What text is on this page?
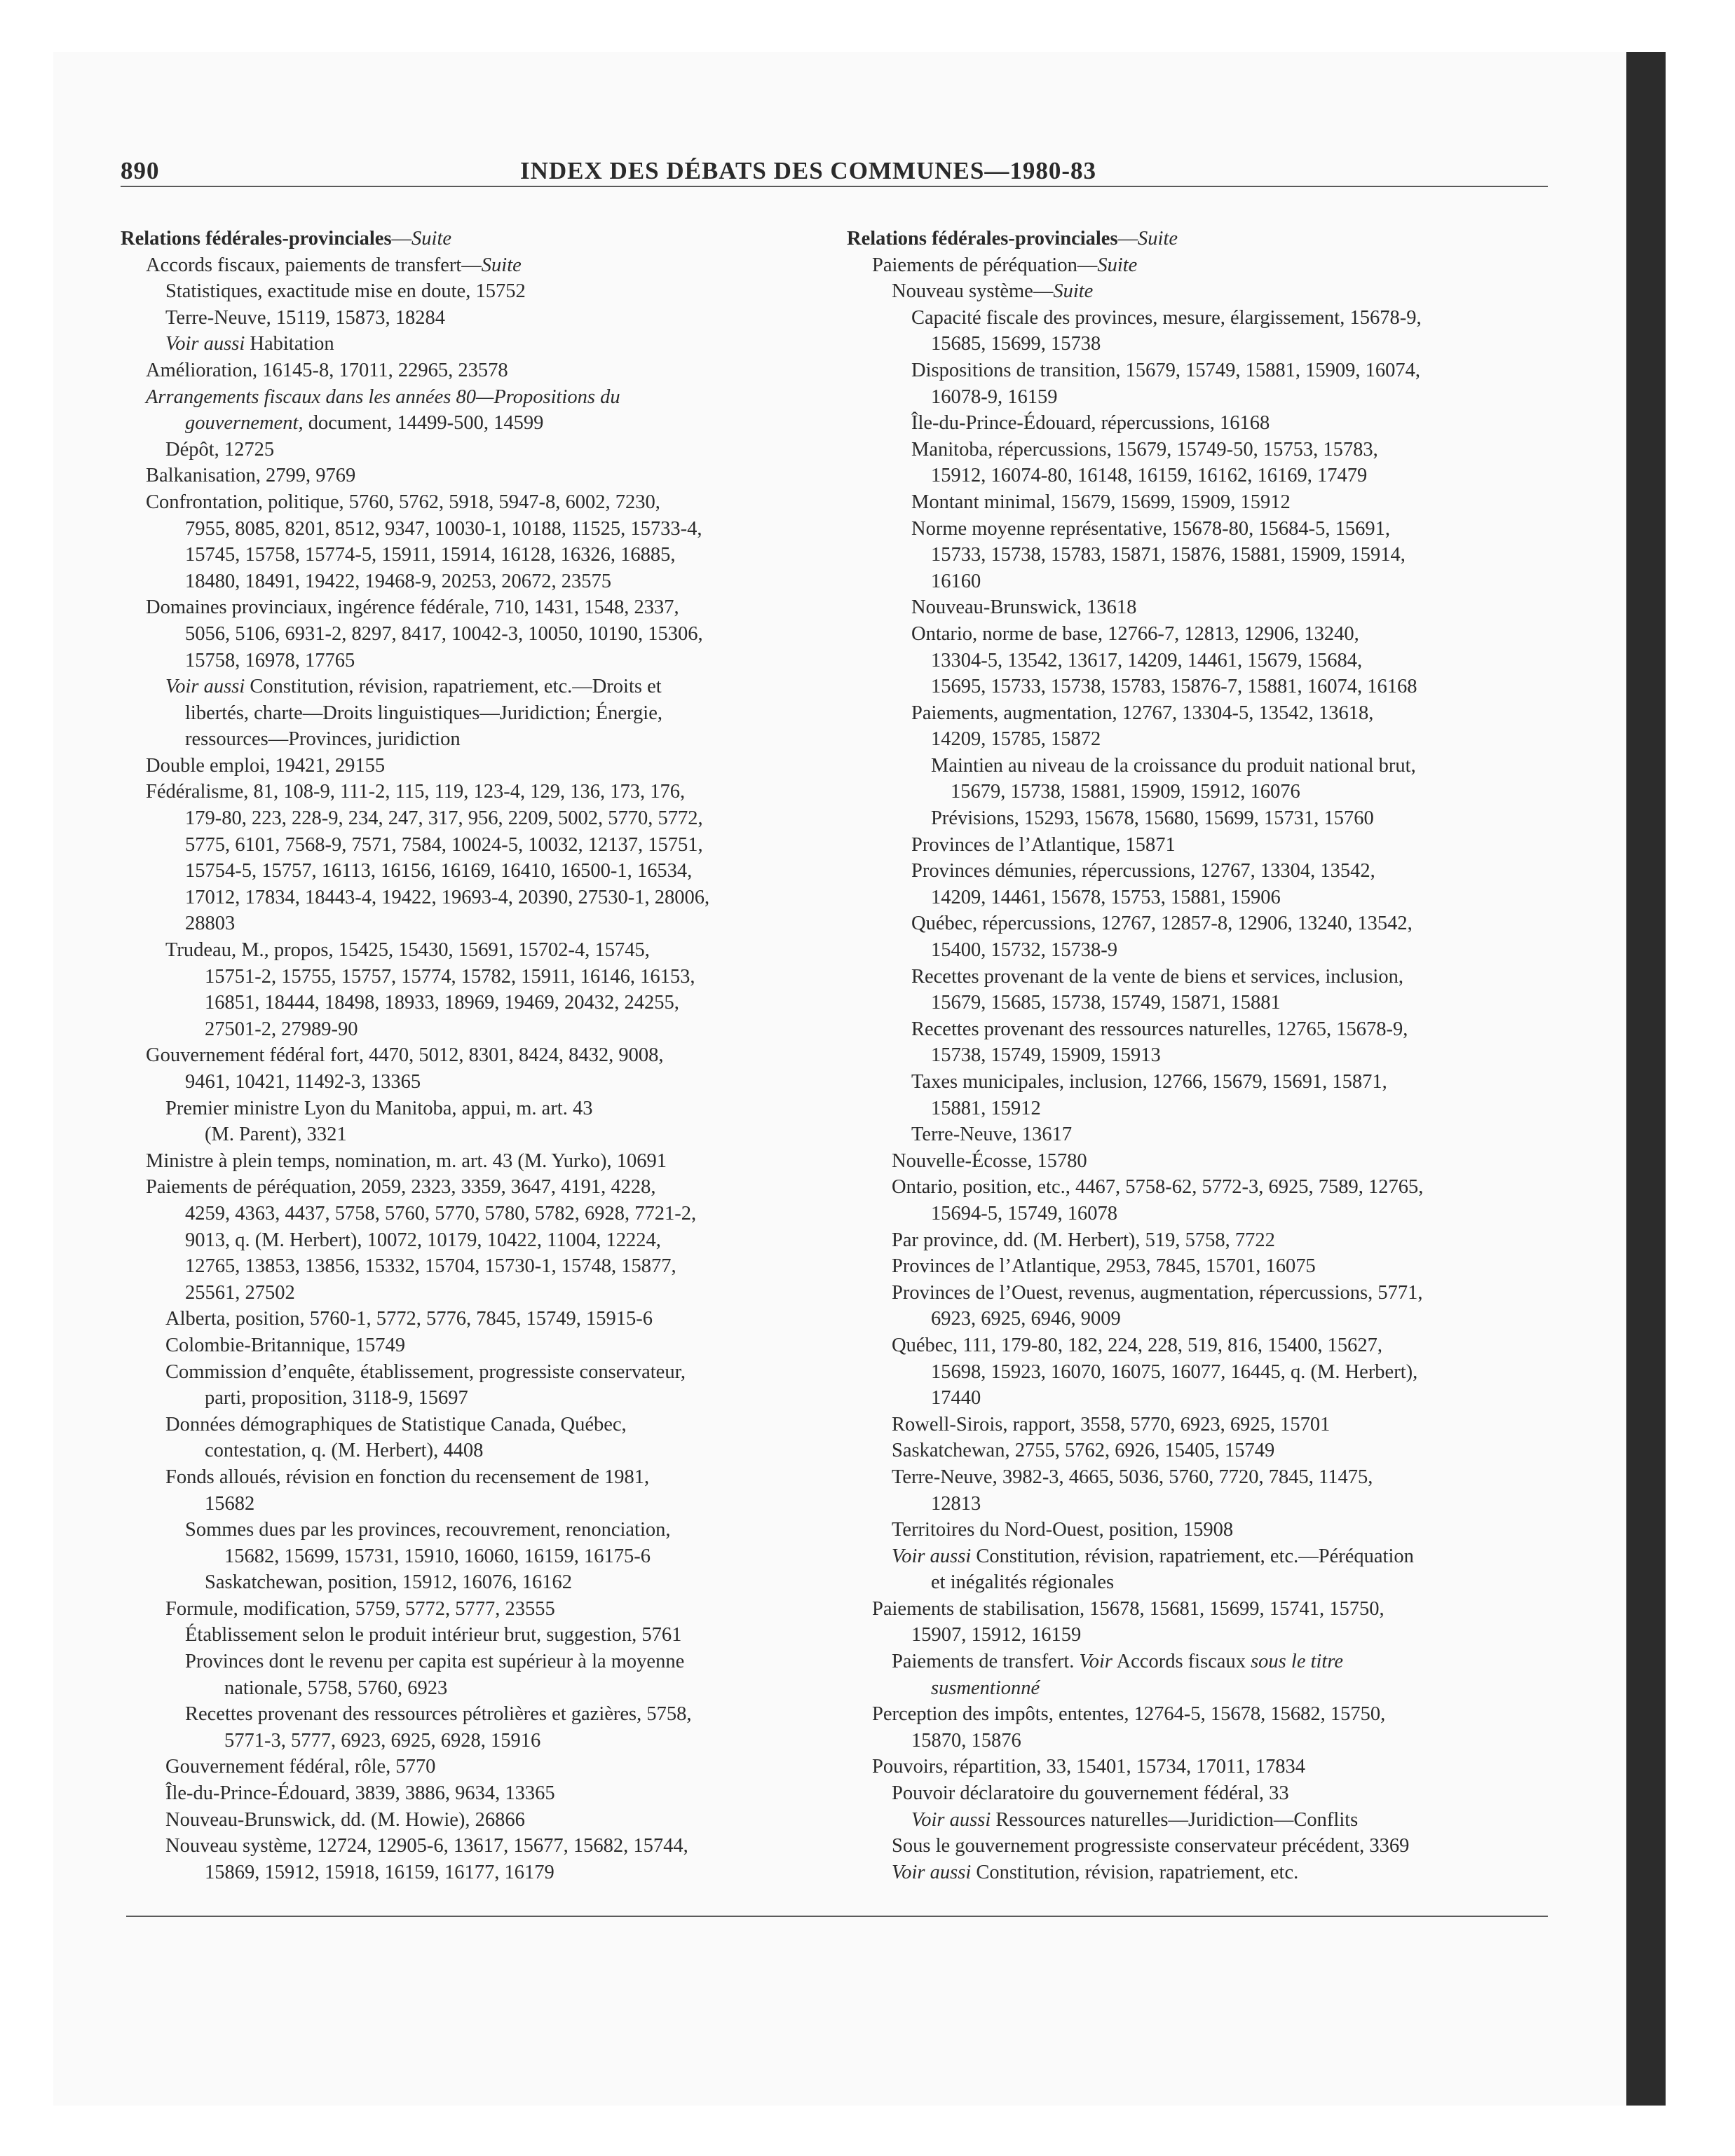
890	INDEX DES DÉBATS DES COMMUNES—1980-83
Relations fédérales-provinciales—Suite
Accords fiscaux, paiements de transfert—Suite
Statistiques, exactitude mise en doute, 15752
Terre-Neuve, 15119, 15873, 18284
Voir aussi Habitation
Amélioration, 16145-8, 17011, 22965, 23578
Arrangements fiscaux dans les années 80—Propositions du
gouvernement, document, 14499-500, 14599
Dépôt, 12725
Balkanisation, 2799, 9769
Confrontation, politique, 5760, 5762, 5918, 5947-8, 6002, 7230,
7955, 8085, 8201, 8512, 9347, 10030-1, 10188, 11525, 15733-4,
15745, 15758, 15774-5, 15911, 15914, 16128, 16326, 16885,
18480, 18491, 19422, 19468-9, 20253, 20672, 23575
Domaines provinciaux, ingérence fédérale, 710, 1431, 1548, 2337,
5056, 5106, 6931-2, 8297, 8417, 10042-3, 10050, 10190, 15306,
15758, 16978, 17765
Voir aussi Constitution, révision, rapatriement, etc.—Droits et
libertés, charte—Droits linguistiques—Juridiction; Énergie,
ressources—Provinces, juridiction
Double emploi, 19421, 29155
Fédéralisme, 81, 108-9, 111-2, 115, 119, 123-4, 129, 136, 173, 176,
179-80, 223, 228-9, 234, 247, 317, 956, 2209, 5002, 5770, 5772,
5775, 6101, 7568-9, 7571, 7584, 10024-5, 10032, 12137, 15751,
15754-5, 15757, 16113, 16156, 16169, 16410, 16500-1, 16534,
17012, 17834, 18443-4, 19422, 19693-4, 20390, 27530-1, 28006,
28803
Trudeau, M., propos, 15425, 15430, 15691, 15702-4, 15745,
15751-2, 15755, 15757, 15774, 15782, 15911, 16146, 16153,
16851, 18444, 18498, 18933, 18969, 19469, 20432, 24255,
27501-2, 27989-90
Gouvernement fédéral fort, 4470, 5012, 8301, 8424, 8432, 9008,
9461, 10421, 11492-3, 13365
Premier ministre Lyon du Manitoba, appui, m. art. 43
(M. Parent), 3321
Ministre à plein temps, nomination, m. art. 43 (M. Yurko), 10691
Paiements de péréquation, 2059, 2323, 3359, 3647, 4191, 4228,
4259, 4363, 4437, 5758, 5760, 5770, 5780, 5782, 6928, 7721-2,
9013, q. (M. Herbert), 10072, 10179, 10422, 11004, 12224,
12765, 13853, 13856, 15332, 15704, 15730-1, 15748, 15877,
25561, 27502
Alberta, position, 5760-1, 5772, 5776, 7845, 15749, 15915-6
Colombie-Britannique, 15749
Commission d’enquête, établissement, progressiste conservateur,
parti, proposition, 3118-9, 15697
Données démographiques de Statistique Canada, Québec,
contestation, q. (M. Herbert), 4408
Fonds alloués, révision en fonction du recensement de 1981,
15682
Sommes dues par les provinces, recouvrement, renonciation,
15682, 15699, 15731, 15910, 16060, 16159, 16175-6
Saskatchewan, position, 15912, 16076, 16162
Formule, modification, 5759, 5772, 5777, 23555
Établissement selon le produit intérieur brut, suggestion, 5761
Provinces dont le revenu per capita est supérieur à la moyenne
nationale, 5758, 5760, 6923
Recettes provenant des ressources pétrolières et gazières, 5758,
5771-3, 5777, 6923, 6925, 6928, 15916
Gouvernement fédéral, rôle, 5770
Île-du-Prince-Édouard, 3839, 3886, 9634, 13365
Nouveau-Brunswick, dd. (M. Howie), 26866
Nouveau système, 12724, 12905-6, 13617, 15677, 15682, 15744,
15869, 15912, 15918, 16159, 16177, 16179
Relations fédérales-provinciales—Suite
Paiements de péréquation—Suite
Nouveau système—Suite
Capacité fiscale des provinces, mesure, élargissement, 15678-9,
15685, 15699, 15738
Dispositions de transition, 15679, 15749, 15881, 15909, 16074,
16078-9, 16159
Île-du-Prince-Édouard, répercussions, 16168
Manitoba, répercussions, 15679, 15749-50, 15753, 15783,
15912, 16074-80, 16148, 16159, 16162, 16169, 17479
Montant minimal, 15679, 15699, 15909, 15912
Norme moyenne représentative, 15678-80, 15684-5, 15691,
15733, 15738, 15783, 15871, 15876, 15881, 15909, 15914,
16160
Nouveau-Brunswick, 13618
Ontario, norme de base, 12766-7, 12813, 12906, 13240,
13304-5, 13542, 13617, 14209, 14461, 15679, 15684,
15695, 15733, 15738, 15783, 15876-7, 15881, 16074, 16168
Paiements, augmentation, 12767, 13304-5, 13542, 13618,
14209, 15785, 15872
Maintien au niveau de la croissance du produit national brut,
15679, 15738, 15881, 15909, 15912, 16076
Prévisions, 15293, 15678, 15680, 15699, 15731, 15760
Provinces de l’Atlantique, 15871
Provinces démunies, répercussions, 12767, 13304, 13542,
14209, 14461, 15678, 15753, 15881, 15906
Québec, répercussions, 12767, 12857-8, 12906, 13240, 13542,
15400, 15732, 15738-9
Recettes provenant de la vente de biens et services, inclusion,
15679, 15685, 15738, 15749, 15871, 15881
Recettes provenant des ressources naturelles, 12765, 15678-9,
15738, 15749, 15909, 15913
Taxes municipales, inclusion, 12766, 15679, 15691, 15871,
15881, 15912
Terre-Neuve, 13617
Nouvelle-Écosse, 15780
Ontario, position, etc., 4467, 5758-62, 5772-3, 6925, 7589, 12765,
15694-5, 15749, 16078
Par province, dd. (M. Herbert), 519, 5758, 7722
Provinces de l’Atlantique, 2953, 7845, 15701, 16075
Provinces de l’Ouest, revenus, augmentation, répercussions, 5771,
6923, 6925, 6946, 9009
Québec, 111, 179-80, 182, 224, 228, 519, 816, 15400, 15627,
15698, 15923, 16070, 16075, 16077, 16445, q. (M. Herbert),
17440
Rowell-Sirois, rapport, 3558, 5770, 6923, 6925, 15701
Saskatchewan, 2755, 5762, 6926, 15405, 15749
Terre-Neuve, 3982-3, 4665, 5036, 5760, 7720, 7845, 11475,
12813
Territoires du Nord-Ouest, position, 15908
Voir aussi Constitution, révision, rapatriement, etc.—Péréquation
et inégalités régionales
Paiements de stabilisation, 15678, 15681, 15699, 15741, 15750,
15907, 15912, 16159
Paiements de transfert. Voir Accords fiscaux sous le titre
susmentionné
Perception des impôts, ententes, 12764-5, 15678, 15682, 15750,
15870, 15876
Pouvoirs, répartition, 33, 15401, 15734, 17011, 17834
Pouvoir déclaratoire du gouvernement fédéral, 33
Voir aussi Ressources naturelles—Juridiction—Conflits
Sous le gouvernement progressiste conservateur précédent, 3369
Voir aussi Constitution, révision, rapatriement, etc.
